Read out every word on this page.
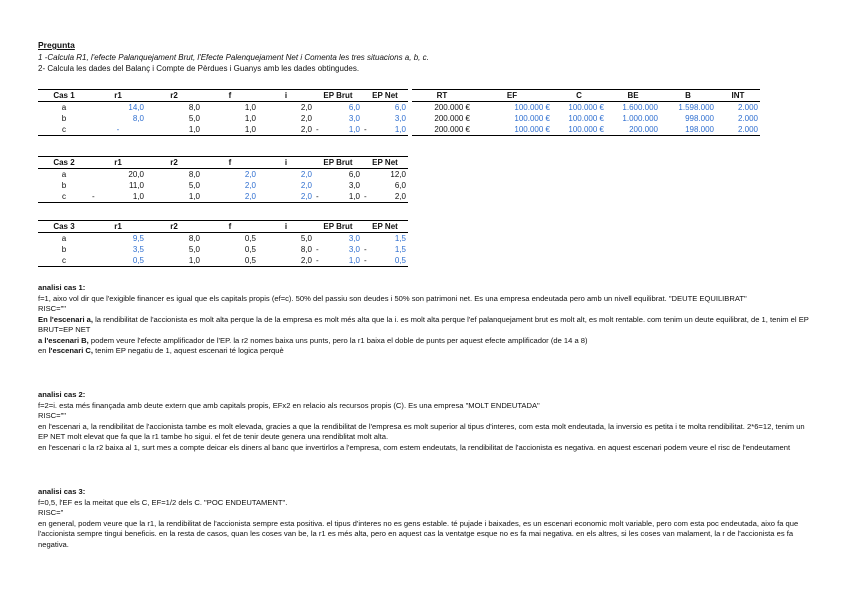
Pregunta
1 -Calcula R1, l'efecte Palanquejament Brut, l'Efecte Palenquejament Net i Comenta les tres situacions a, b, c.
2- Calcula les dades del Balanç i Compte de Pèrdues i Guanys amb les dades obtingudes.
Cas 1	r1	r2	f	i	EP Brut	EP Net
a	14,0	8,0	1,0	2,0	6,0	6,0
b	8,0	5,0	1,0	2,0	3,0	3,0
c	-	1,0	1,0	2,0	- 1,0	- 1,0
RT	EF	C	BE	B	INT
200.000 €	100.000 €	100.000 €	1.600.000	1.598.000	2.000
200.000 €	100.000 €	100.000 €	1.000.000	998.000	2.000
200.000 €	100.000 €	100.000 €	200.000	198.000	2.000
Cas 2	r1	r2	f	i	EP Brut	EP Net
a	20,0	8,0	2,0	2,0	6,0	12,0
b	11,0	5,0	2,0	2,0	3,0	6,0
c	- 1,0	1,0	2,0	2,0	- 1,0	- 2,0
Cas 3	r1	r2	f	i	EP Brut	EP Net
a	9,5	8,0	0,5	5,0	3,0	1,5
b	3,5	5,0	0,5	8,0	- 3,0	- 1,5
c	0,5	1,0	0,5	2,0	- 1,0	- 0,5

analisi cas 1:

f=1, aixo vol dir que l'exigible financer es igual que els capitals propis (ef=c). 50% del passiu son deudes i 50% son patrimoni net. Es una empresa endeutada pero amb un nivell equilibrat. "DEUTE EQUILIBRAT"

RISC=""

En l'escenari a, la rendibilitat de l'accionista es molt alta perque la de la empresa es molt més alta que la i. es molt alta perque l'ef palanquejament brut es molt alt, es molt rentable. com tenim un deute equilibrat, de 1, tenim el EP BRUT=EP NET

a l'escenari B, podem veure l'efecte amplificador de l'EP. la r2 nomes baixa uns punts, pero la r1 baixa el doble de punts per aquest efecte amplificador (de 14 a 8)

en l'escenari C, tenim EP negatiu de 1, aquest escenari té logica perquè

analisi cas 2:

f=2=i. esta més finançada amb deute extern que amb capitals propis, EFx2 en relacio als recursos propis (C). Es una empresa "MOLT ENDEUTADA"

RISC=""

en l'escenari a, la rendibilitat de l'accionista tambe es molt elevada, gracies a que la rendibilitat de l'empresa es molt superior al tipus d'interes, com esta molt endeutada, la inversio es petita i te molta rendibilitat. 2*6=12, tenim un EP NET molt elevat que fa que la r1 tambe ho sigui. el fet de tenir deute genera una rendiblitat molt alta.

en l'escenari c la r2 baixa al 1, surt mes a compte deicar els diners al banc que invertirlos a l'empresa, com estem endeutats, la rendibilitat de l'accionista es negativa. en aquest escenari podem veure el risc de l'endeutament

analisi cas 3:

f=0,5, l'EF es la meitat que els C, EF=1/2 dels C. "POC ENDEUTAMENT".

RISC="

en general, podem veure que la r1, la rendibilitat de l'accionista sempre esta positiva. el tipus d'interes no es gens estable. té pujade i baixades, es un escenari economic molt variable, pero com esta poc endeutada, aixo fa que l'accionista sempre tingui beneficis. en la resta de casos, quan les coses van be, la r1 es més alta, pero en aquest cas la ventatge esque no es fa mai negativa. en els altres, si les coses van malament, la r de l'accionista es fa negativa.
